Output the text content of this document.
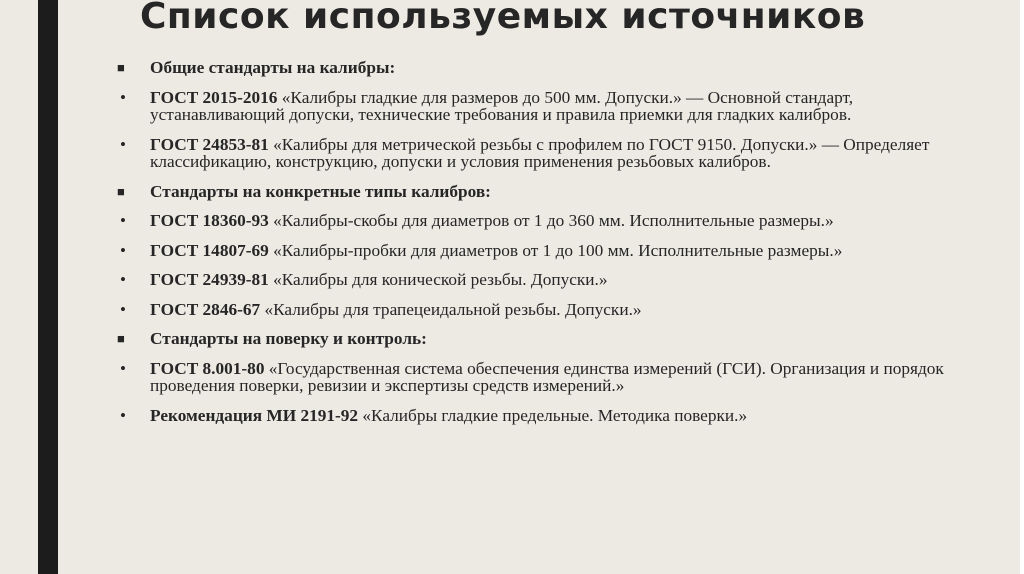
Список используемых источников
■	Общие стандарты на калибры:
•	ГОСТ 2015-2016 «Калибры гладкие для размеров до 500 мм. Допуски.» — Основной стандарт, устанавливающий допуски, технические требования и правила приемки для гладких калибров.
•	ГОСТ 24853-81 «Калибры для метрической резьбы с профилем по ГОСТ 9150. Допуски.» — Определяет классификацию, конструкцию, допуски и условия применения резьбовых калибров.
■	Стандарты на конкретные типы калибров:
•	ГОСТ 18360-93 «Калибры-скобы для диаметров от 1 до 360 мм. Исполнительные размеры.»
•	ГОСТ 14807-69 «Калибры-пробки для диаметров от 1 до 100 мм. Исполнительные размеры.»
•	ГОСТ 24939-81 «Калибры для конической резьбы. Допуски.»
•	ГОСТ 2846-67 «Калибры для трапецеидальной резьбы. Допуски.»
■	Стандарты на поверку и контроль:
•	ГОСТ 8.001-80 «Государственная система обеспечения единства измерений (ГСИ). Организация и порядок проведения поверки, ревизии и экспертизы средств измерений.»
•	Рекомендация МИ 2191-92 «Калибры гладкие предельные. Методика поверки.»
